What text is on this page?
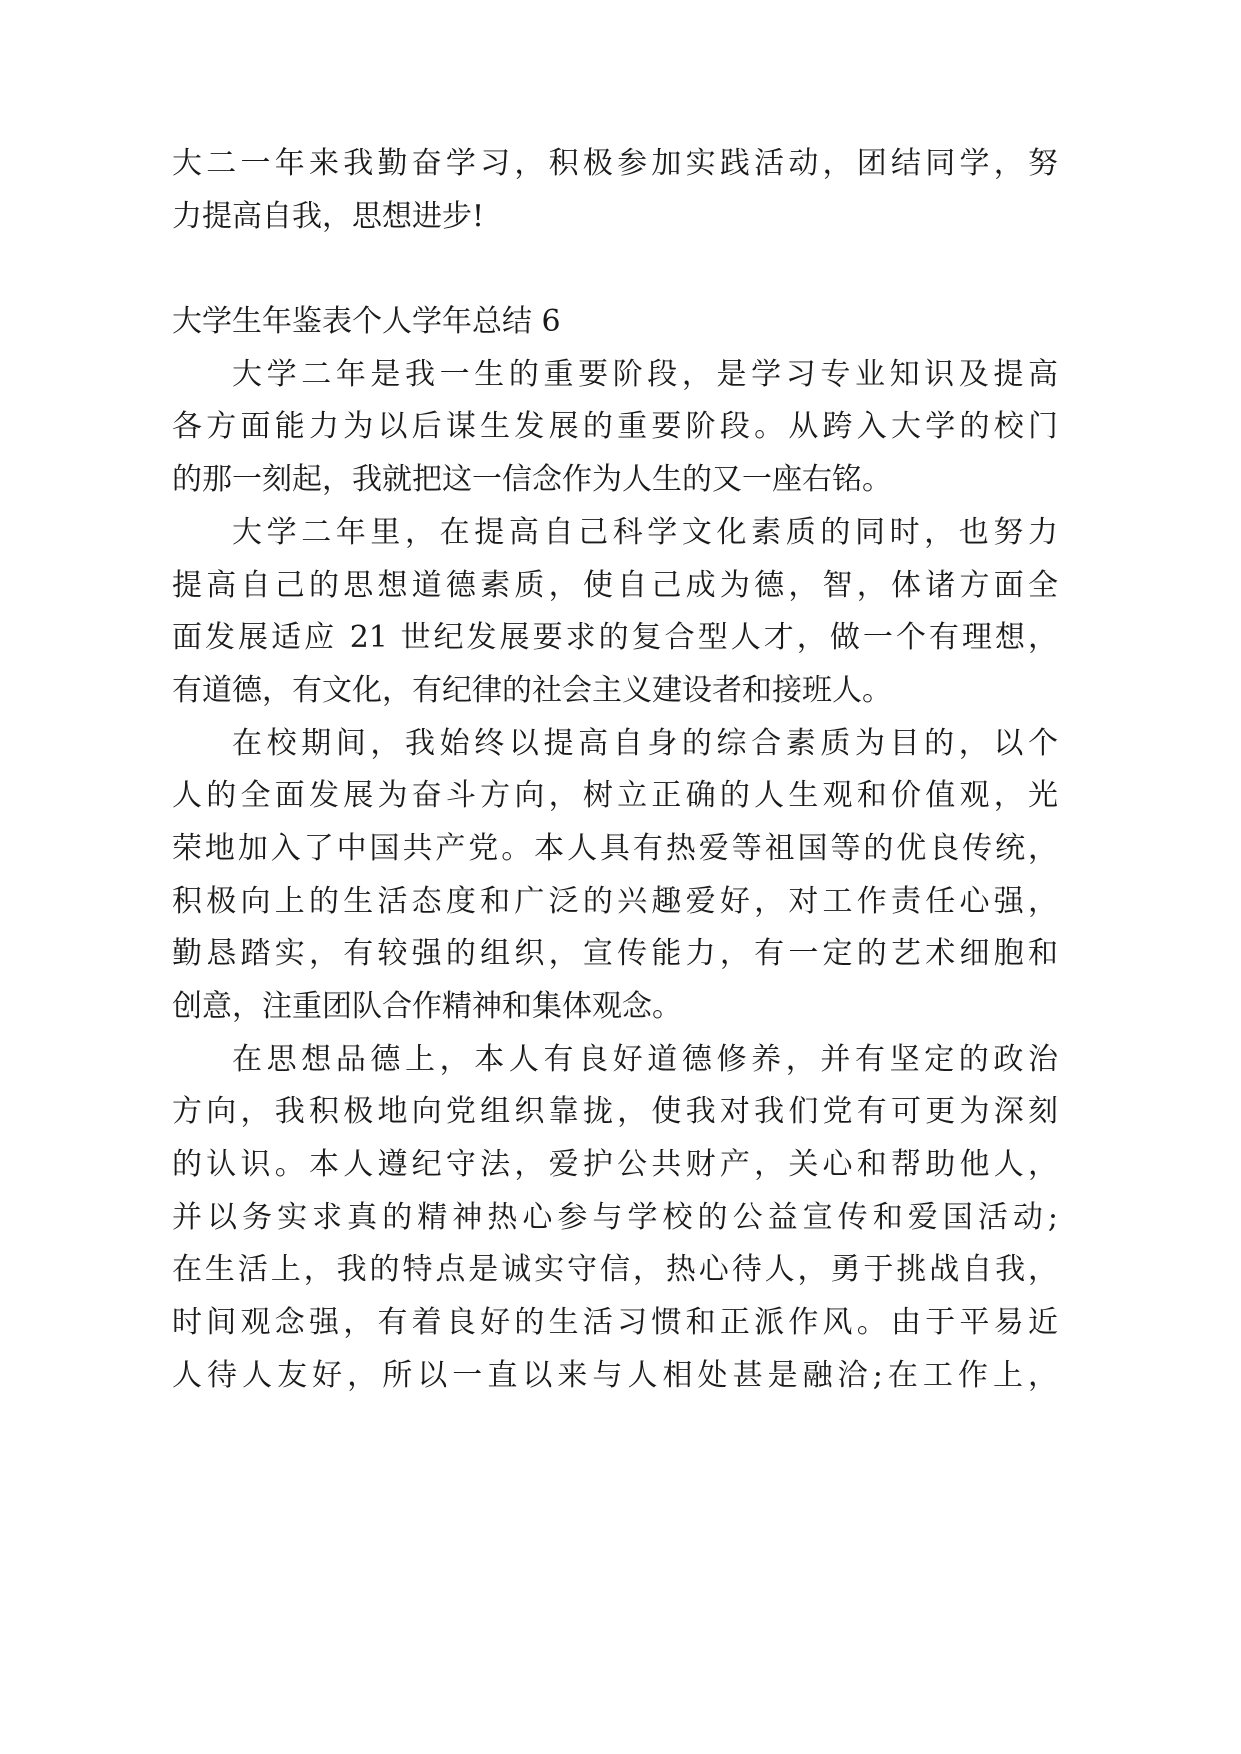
大二一年来我勤奋学习，积极参加实践活动，团结同学，努
力提高自我，思想进步!
大学生年鉴表个人学年总结 6
大学二年是我一生的重要阶段，是学习专业知识及提高
各方面能力为以后谋生发展的重要阶段。从跨入大学的校门
的那一刻起，我就把这一信念作为人生的又一座右铭。
大学二年里，在提高自己科学文化素质的同时，也努力
提高自己的思想道德素质，使自己成为德，智，体诸方面全
面发展适应 21 世纪发展要求的复合型人才，做一个有理想，
有道德，有文化，有纪律的社会主义建设者和接班人。
在校期间，我始终以提高自身的综合素质为目的，以个
人的全面发展为奋斗方向，树立正确的人生观和价值观，光
荣地加入了中国共产党。本人具有热爱等祖国等的优良传统，
积极向上的生活态度和广泛的兴趣爱好，对工作责任心强，
勤恳踏实，有较强的组织，宣传能力，有一定的艺术细胞和
创意，注重团队合作精神和集体观念。
在思想品德上，本人有良好道德修养，并有坚定的政治
方向，我积极地向党组织靠拢，使我对我们党有可更为深刻
的认识。本人遵纪守法，爱护公共财产，关心和帮助他人，
并以务实求真的精神热心参与学校的公益宣传和爱国活动;
在生活上，我的特点是诚实守信，热心待人，勇于挑战自我，
时间观念强，有着良好的生活习惯和正派作风。由于平易近
人待人友好，所以一直以来与人相处甚是融洽;在工作上，
